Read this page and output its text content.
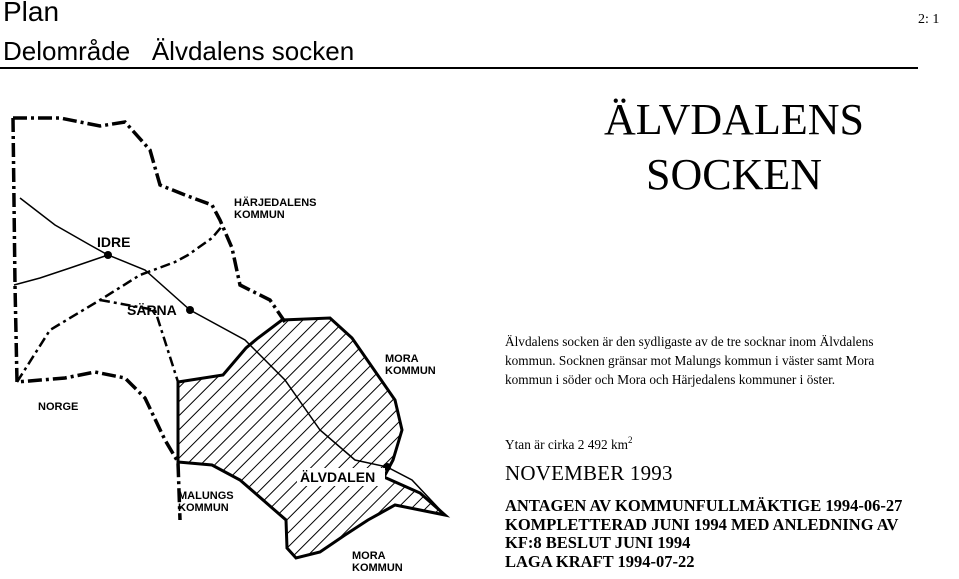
Plan
Delområde   Älvdalens socken
2: 1
ÄLVDALENS
SOCKEN
Älvdalens socken är den sydligaste av de tre socknar inom Älvdalens
kommun. Socknen gränsar mot Malungs kommun i väster samt Mora
kommun i söder och Mora och Härjedalens kommuner i öster.
Ytan är cirka 2 492 $km^2$
NOVEMBER 1993
ANTAGEN AV KOMMUNFULLMÄKTIGE 1994-06-27
KOMPLETTERAD JUNI 1994 MED ANLEDNING AV
KF:8 BESLUT JUNI 1994
LAGA KRAFT 1994-07-22
HÄRJEDALENS
KOMMUN
IDRE
SÄRNA
MORA
KOMMUN
NORGE
ÄLVDALEN
MALUNGS
KOMMUN
MORA
KOMMUN
